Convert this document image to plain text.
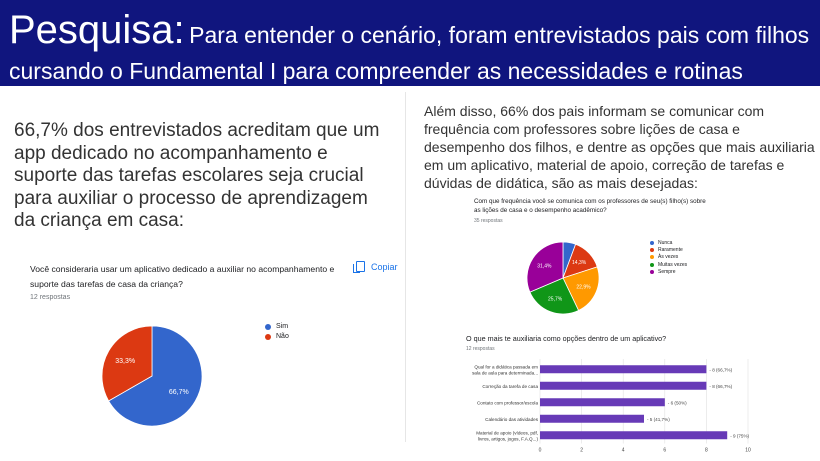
Pesquisa: Para entender o cenário, foram entrevistados pais com filhos
cursando o Fundamental I para compreender as necessidades e rotinas
66,7% dos entrevistados acreditam que um app dedicado no acompanhamento e suporte das tarefas escolares seja crucial para auxiliar o processo de aprendizagem da criança em casa:
Além disso, 66% dos pais informam se comunicar com frequência com professores sobre lições de casa e desempenho dos filhos, e dentre as opções que mais auxiliaria em um aplicativo, material de apoio, correção de tarefas e dúvidas de didática, são as mais desejadas:
Você consideraria usar um aplicativo dedicado a auxiliar no acompanhamento e suporte das tarefas de casa da criança?
12 respostas
Copiar
66,7%
33,3%
Sim
Não
Com que frequência você se comunica com os professores de seu(s) filho(s) sobre
as lições de casa e o desempenho acadêmico?
35 respostas
14,3%
22,9%
25,7%
31,4%
Nunca
Raramente
Às vezes
Muitas vezes
Sempre
O que mais te auxiliaria como opções dentro de um aplicativo?
12 respostas
0	2	4	6	8	10
- 8 (66,7%)
Qual for a didática passada em
sala de aula para determinada...
- 8 (66,7%)
Correção da tarefa de casa
- 6 (50%)
Contato com professor/escola
- 5 (41,7%)
Calendário das atividades
- 9 (75%)
Material de apoio (vídeos, pdf,
livros, artigos, jogos, F.A.Q...)
